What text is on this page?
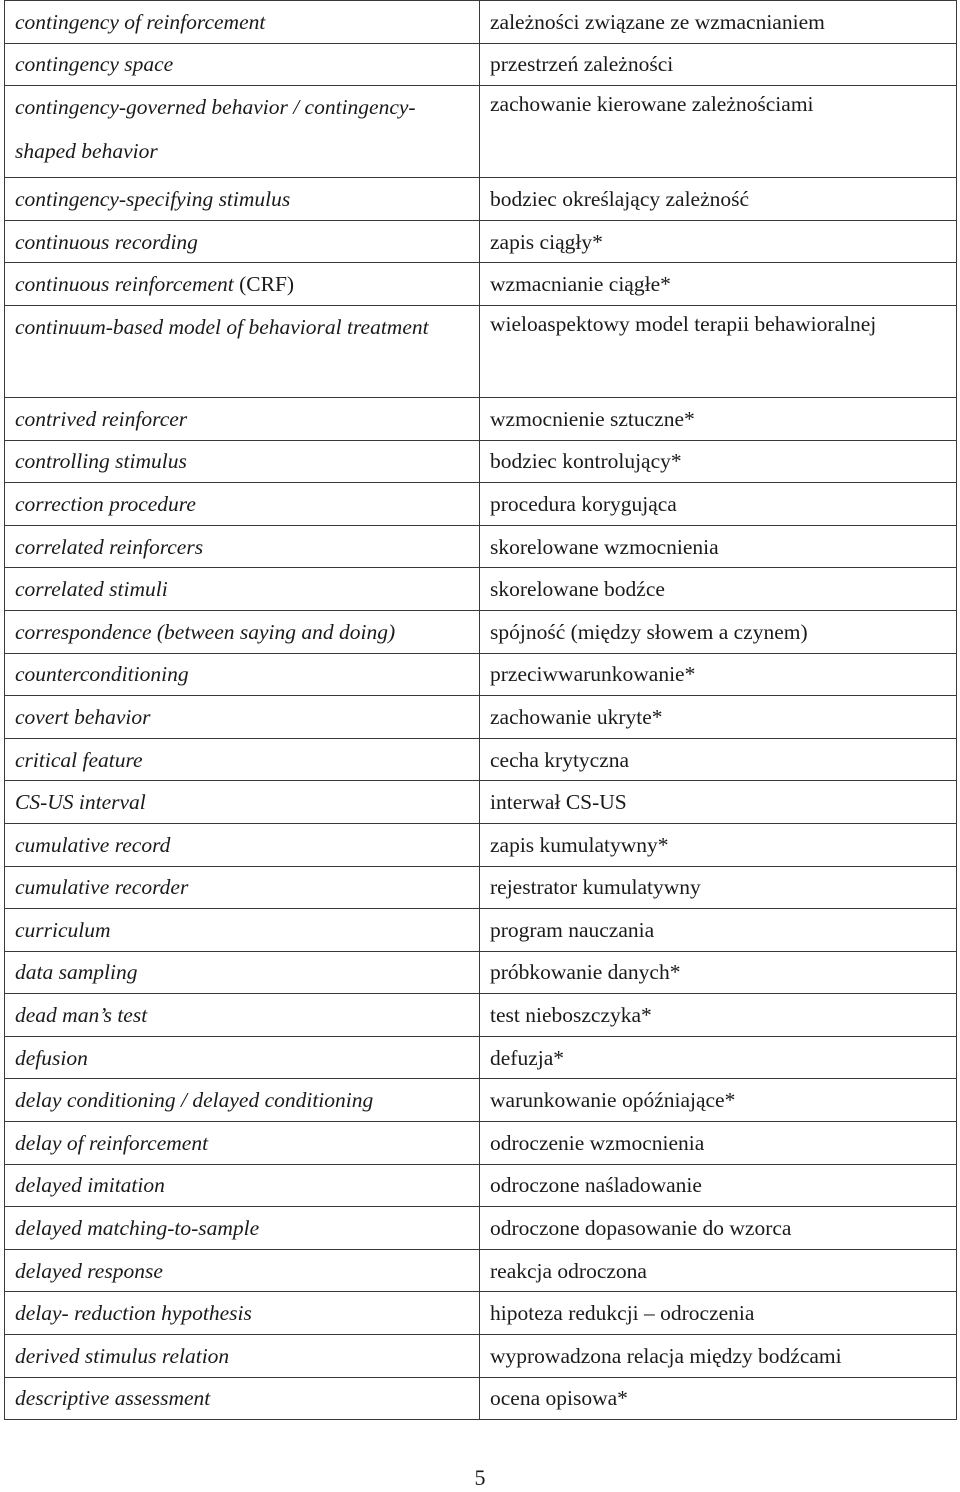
contingency of reinforcement	zależności związane ze wzmacnianiem
contingency space	przestrzeń zależności
contingency-governed behavior / contingency-shaped behavior	zachowanie kierowane zależnościami
contingency-specifying stimulus	bodziec określający zależność
continuous recording	zapis ciągły*
continuous reinforcement (CRF)	wzmacnianie ciągłe*
continuum-based model of behavioral treatment	wieloaspektowy model terapii behawioralnej
contrived reinforcer	wzmocnienie sztuczne*
controlling stimulus	bodziec kontrolujący*
correction procedure	procedura korygująca
correlated reinforcers	skorelowane wzmocnienia
correlated stimuli	skorelowane bodźce
correspondence (between saying and doing)	spójność (między słowem a czynem)
counterconditioning	przeciwwarunkowanie*
covert behavior	zachowanie ukryte*
critical feature	cecha krytyczna
CS-US interval	interwał CS-US
cumulative record	zapis kumulatywny*
cumulative recorder	rejestrator kumulatywny
curriculum	program nauczania
data sampling	próbkowanie danych*
dead man’s test	test nieboszczyka*
defusion	defuzja*
delay conditioning / delayed conditioning	warunkowanie opóźniające*
delay of reinforcement	odroczenie wzmocnienia
delayed imitation	odroczone naśladowanie
delayed matching-to-sample	odroczone dopasowanie do wzorca
delayed response	reakcja odroczona
delay- reduction hypothesis	hipoteza redukcji – odroczenia
derived stimulus relation	wyprowadzona relacja między bodźcami
descriptive assessment	ocena opisowa*
5
